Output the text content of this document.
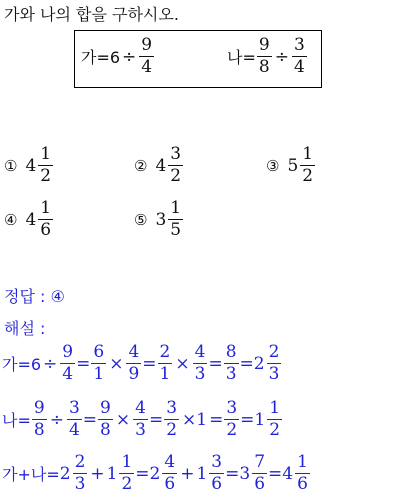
가와 나의 합을 구하시오.
가$=6 \div \frac{9}{4}$	나= $\frac{9}{8} \div \frac{3}{4}$
① $4 \frac{1}{2}$	② $4 \frac{3}{2}$	③ $5 \frac{1}{2}$
④ $4 \frac{1}{6}$	⑤ $3 \frac{1}{5}$
정답 : ④
해설 :
가$=6 \div \frac{9}{4} = \frac{6}{1} \times \frac{4}{9} = \frac{2}{1} \times \frac{4}{3} = \frac{8}{3} = 2 \frac{2}{3}$
나= $\frac{9}{8} \div \frac{3}{4} = \frac{9}{8} \times \frac{4}{3} = \frac{3}{2} \times 1 = \frac{3}{2} = 1 \frac{1}{2}$
가+나= $2 \frac{2}{3} + 1 \frac{1}{2} = 2 \frac{4}{6} + 1 \frac{3}{6} = 3 \frac{7}{6} = 4 \frac{1}{6}$
